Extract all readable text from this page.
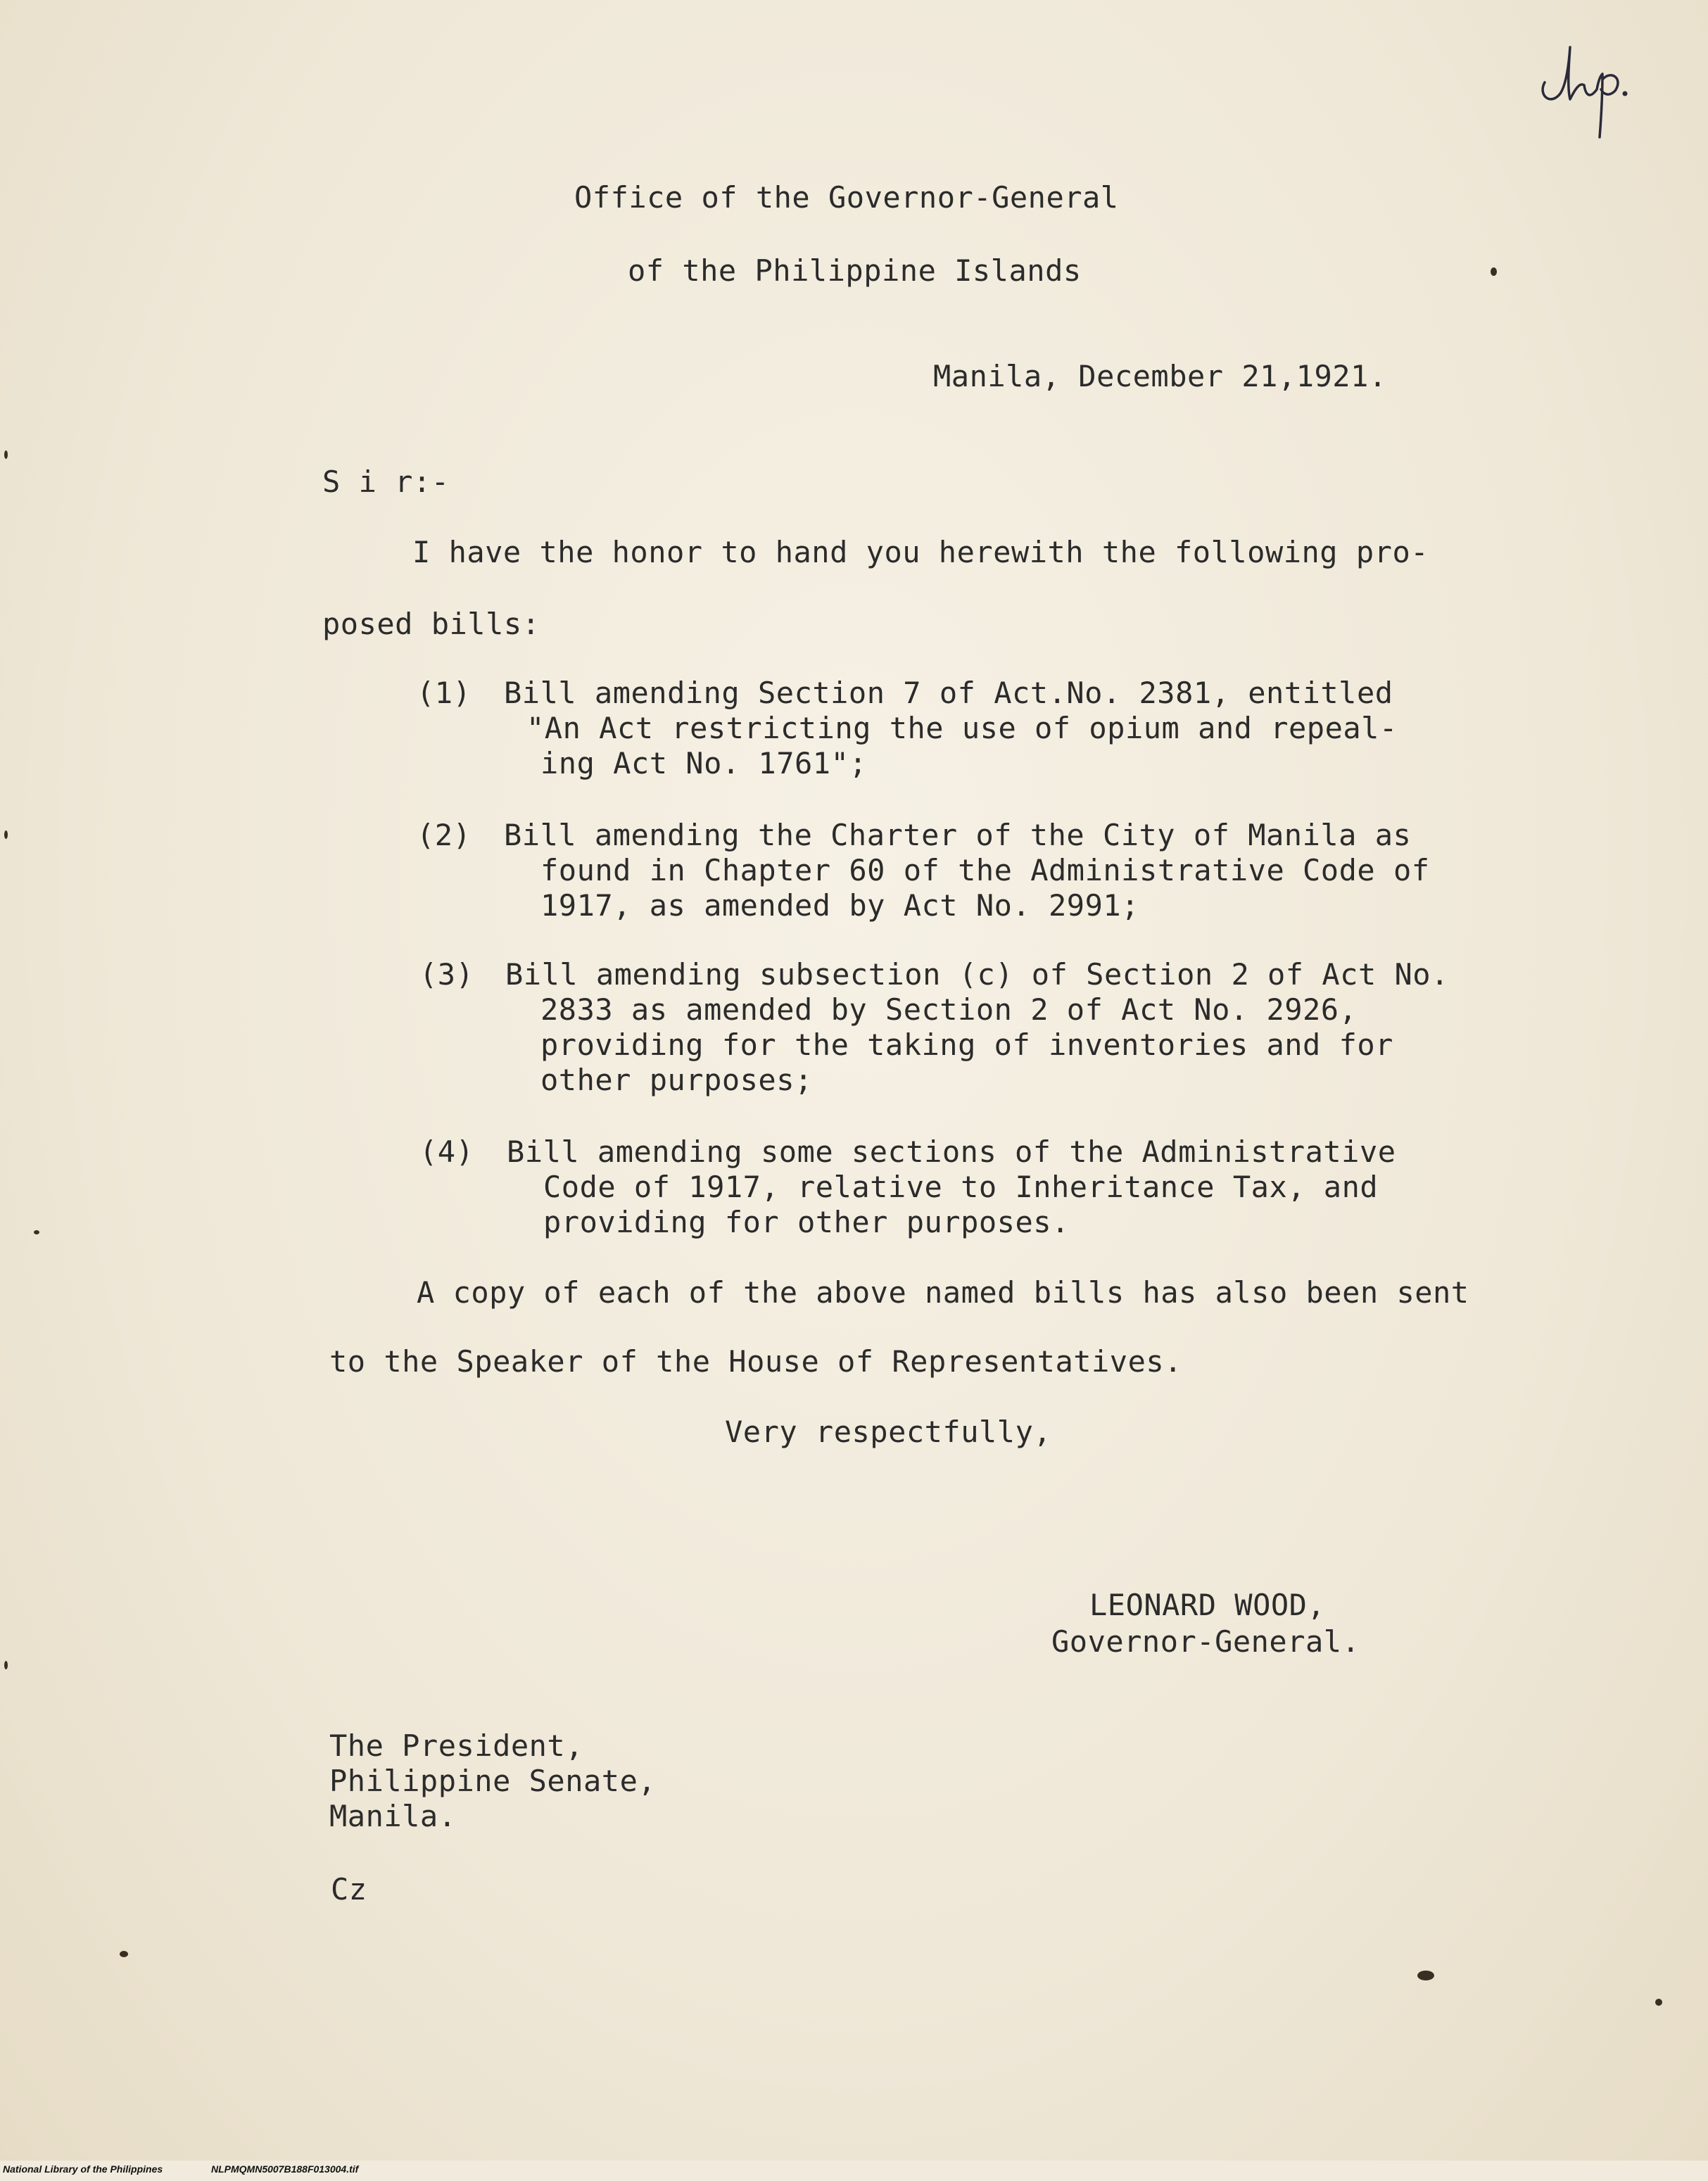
Office of the Governor-General
of the Philippine Islands
Manila, December 21,1921.
S i r:-
I have the honor to hand you herewith the following pro-
posed bills:
(1) Bill amending Section 7 of Act.No. 2381, entitled
"An Act restricting the use of opium and repeal-
ing Act No. 1761";
(2) Bill amending the Charter of the City of Manila as
found in Chapter 60 of the Administrative Code of
1917, as amended by Act No. 2991;
(3) Bill amending subsection (c) of Section 2 of Act No.
2833 as amended by Section 2 of Act No. 2926,
providing for the taking of inventories and for
other purposes;
(4) Bill amending some sections of the Administrative
Code of 1917, relative to Inheritance Tax, and
providing for other purposes.
A copy of each of the above named bills has also been sent
to the Speaker of the House of Representatives.
Very respectfully,
LEONARD WOOD,
Governor-General.
The President,
Philippine Senate,
Manila.
Cz
National Library of the Philippines	NLPMQMN5007B188F013004.tif
